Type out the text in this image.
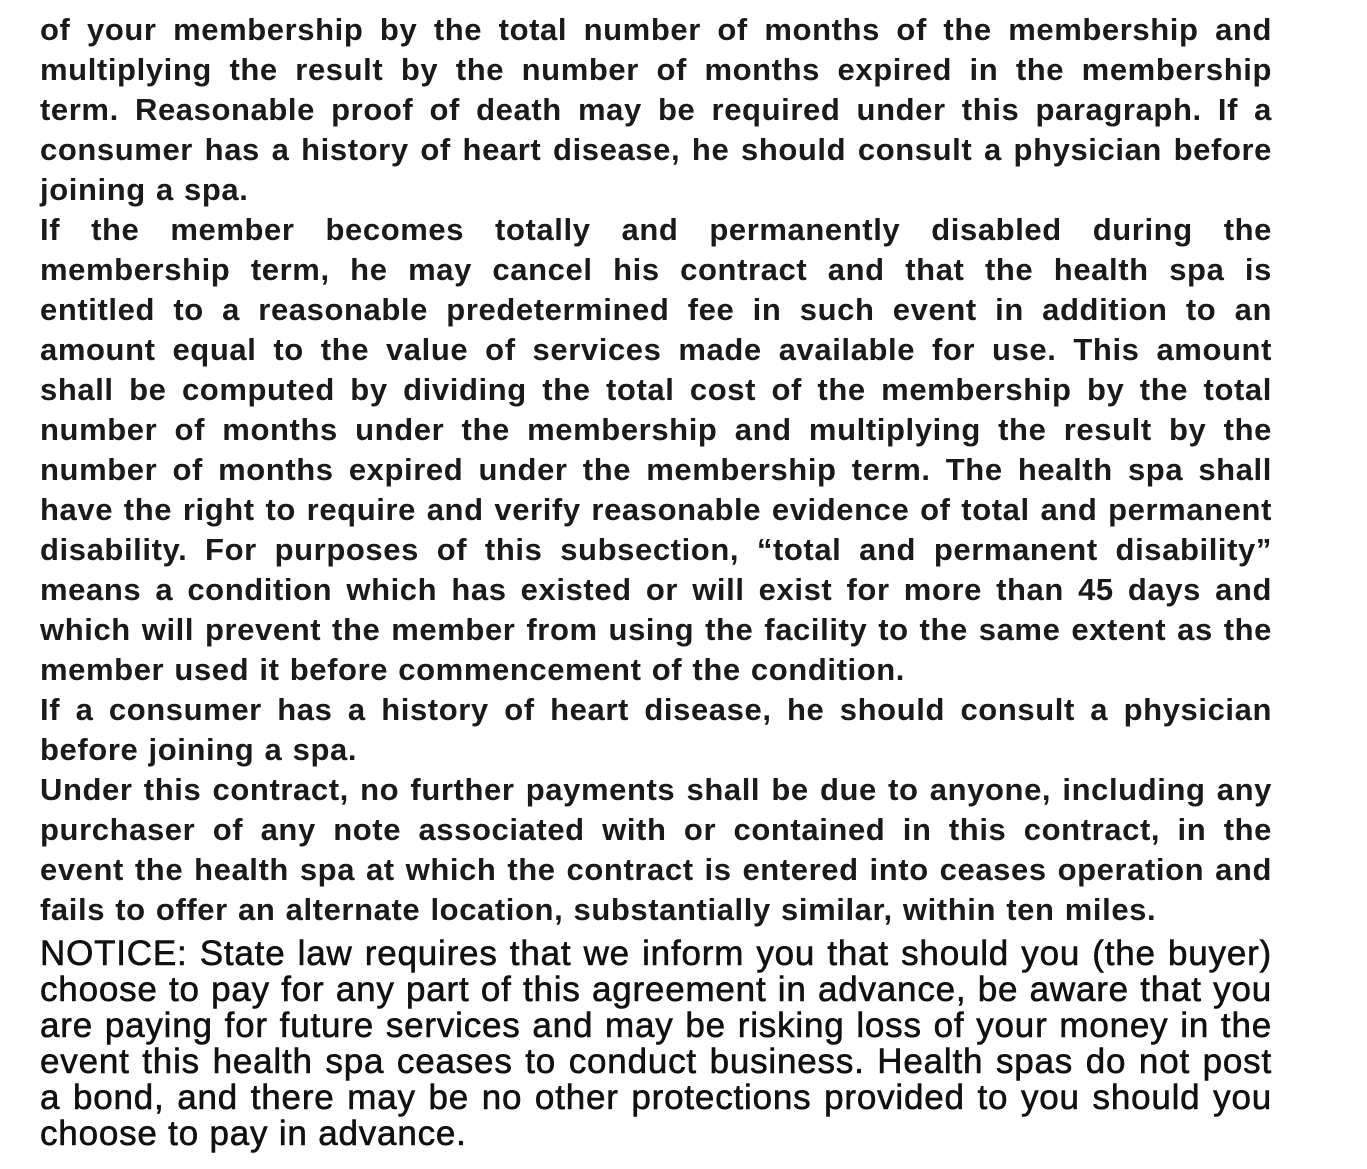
of your membership by the total number of months of the membership and multiplying the result by the number of months expired in the membership term. Reasonable proof of death may be required under this paragraph. If a consumer has a history of heart disease, he should consult a physician before joining a spa.

If the member becomes totally and permanently disabled during the membership term, he may cancel his contract and that the health spa is entitled to a reasonable predetermined fee in such event in addition to an amount equal to the value of services made available for use. This amount shall be computed by dividing the total cost of the membership by the total number of months under the membership and multiplying the result by the number of months expired under the membership term. The health spa shall have the right to require and verify reasonable evidence of total and permanent disability. For purposes of this subsection, “total and permanent disability” means a condition which has existed or will exist for more than 45 days and which will prevent the member from using the facility to the same extent as the member used it before commencement of the condition.

If a consumer has a history of heart disease, he should consult a physician before joining a spa.

Under this contract, no further payments shall be due to anyone, including any purchaser of any note associated with or contained in this contract, in the event the health spa at which the contract is entered into ceases operation and fails to offer an alternate location, substantially similar, within ten miles.

NOTICE: State law requires that we inform you that should you (the buyer) choose to pay for any part of this agreement in advance, be aware that you are paying for future services and may be risking loss of your money in the event this health spa ceases to conduct business. Health spas do not post a bond, and there may be no other protections provided to you should you choose to pay in advance.
